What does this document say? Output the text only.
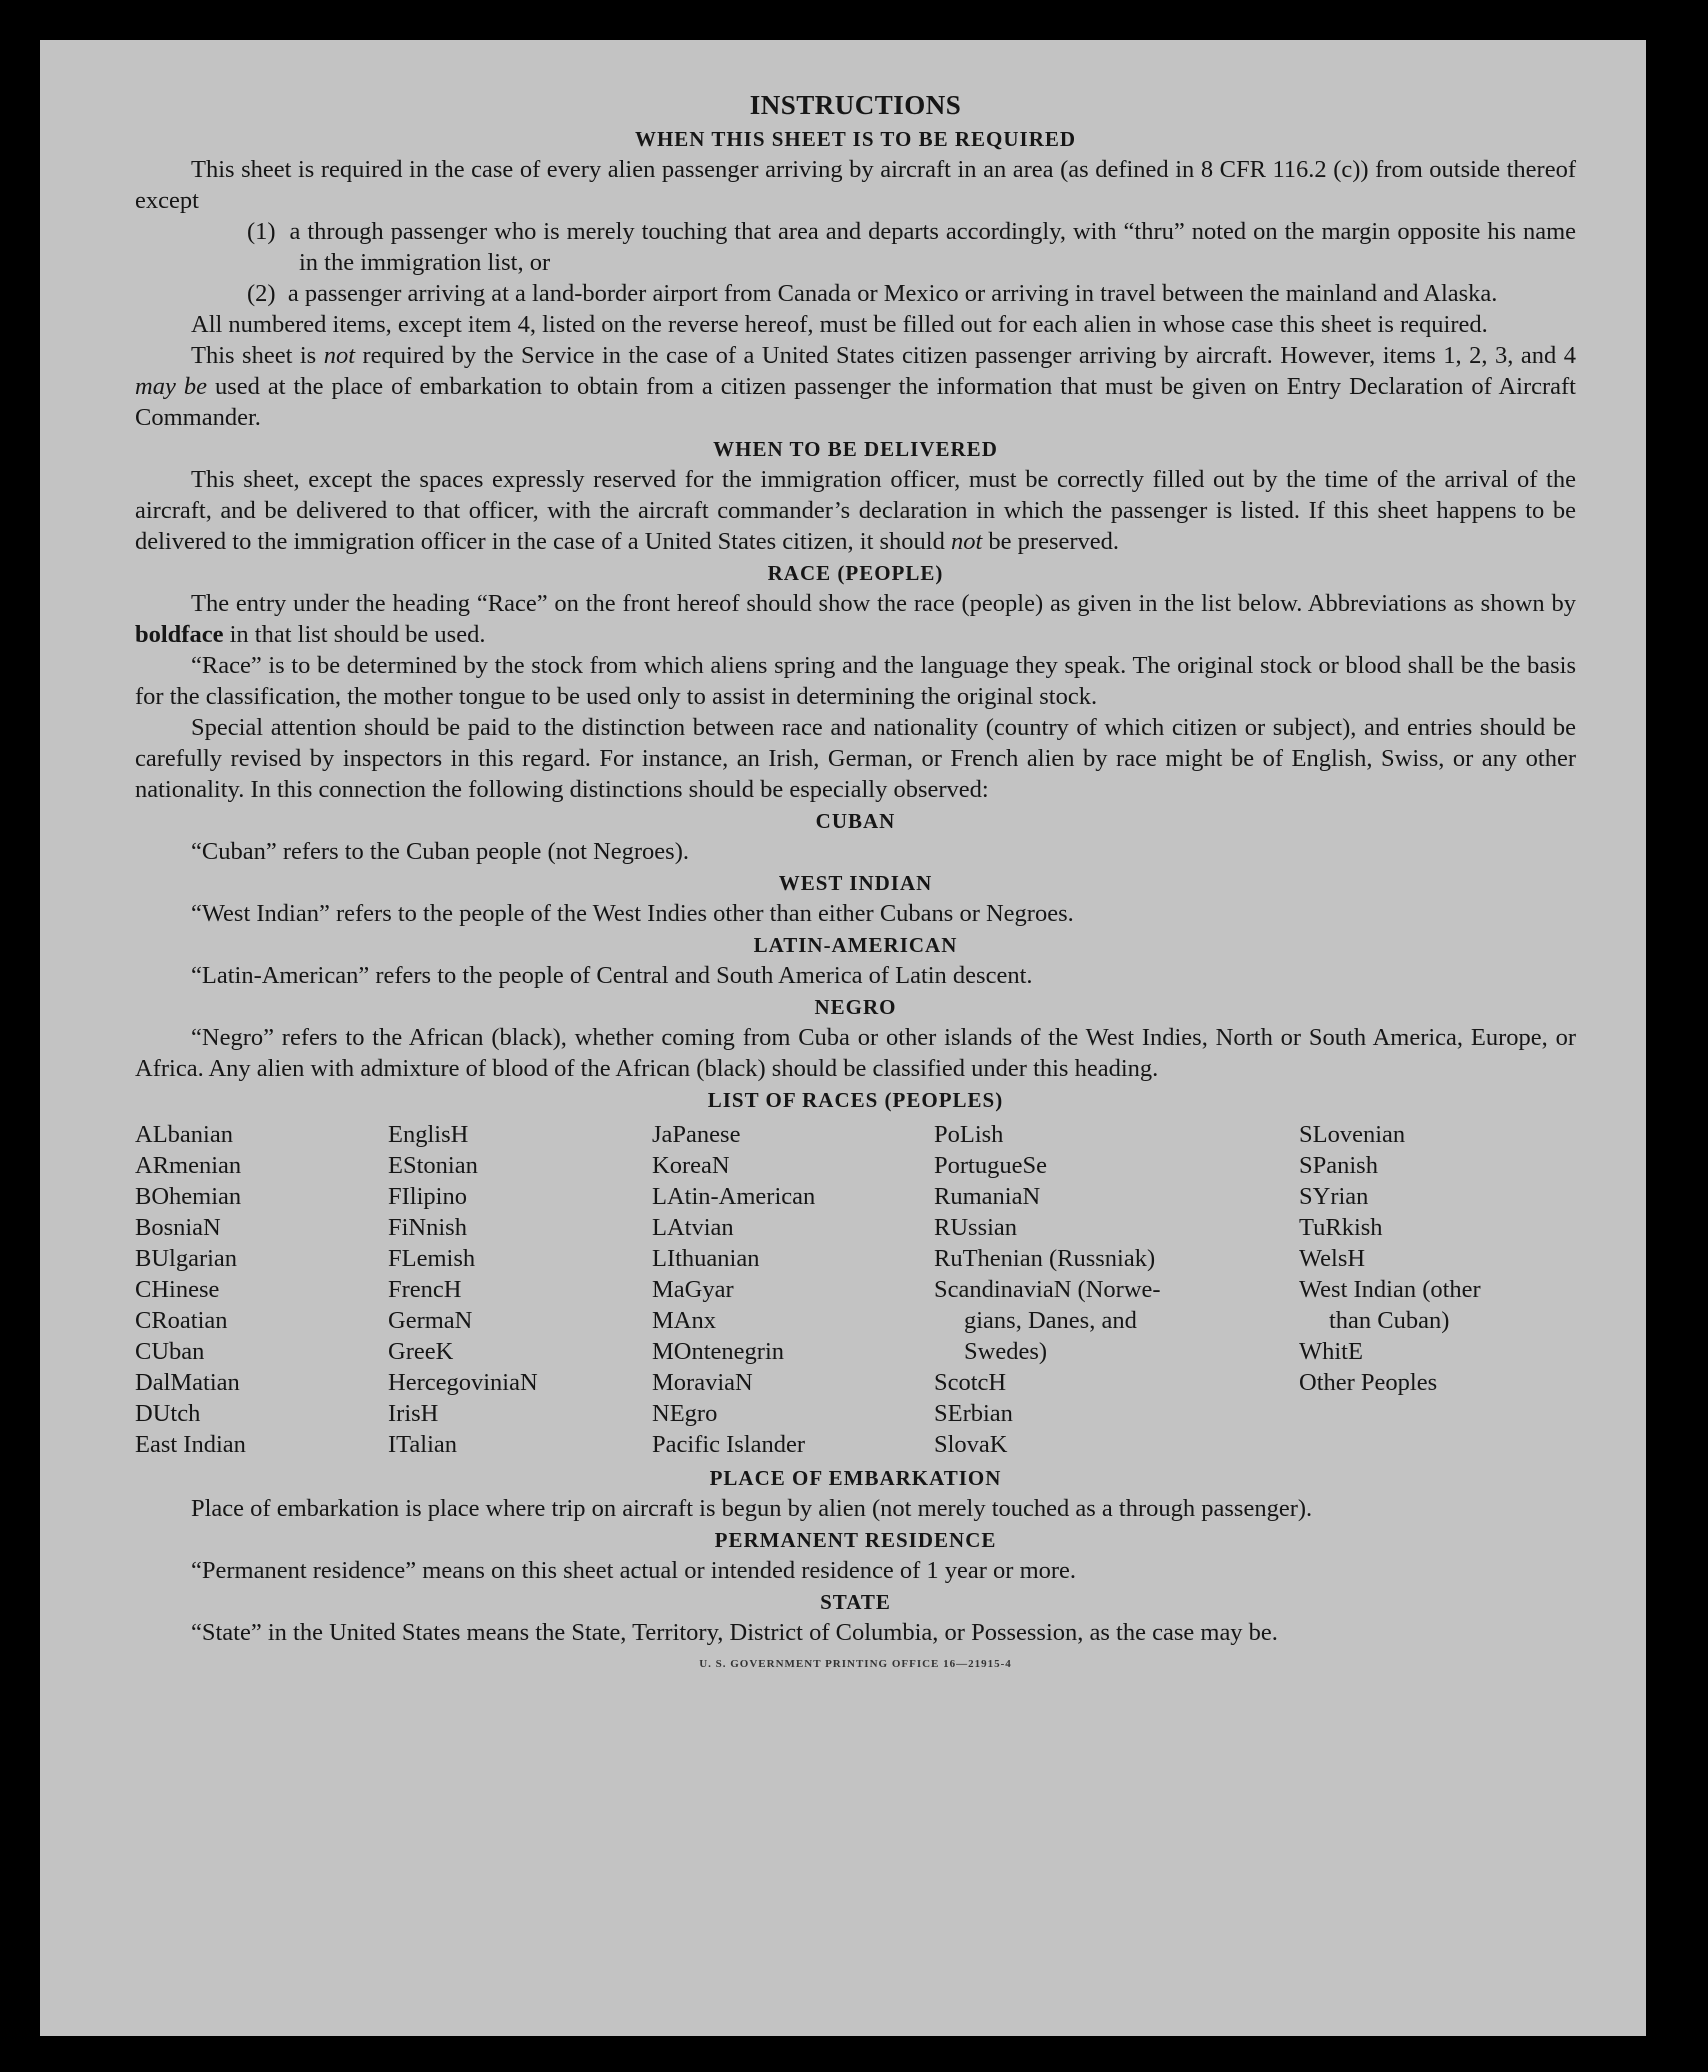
INSTRUCTIONS
WHEN THIS SHEET IS TO BE REQUIRED

This sheet is required in the case of every alien passenger arriving by aircraft in an area (as defined in 8 CFR 116.2 (c)) from outside thereof except

(1) a through passenger who is merely touching that area and departs accordingly, with “thru” noted on the margin opposite his name in the immigration list, or

(2) a passenger arriving at a land-border airport from Canada or Mexico or arriving in travel between the mainland and Alaska.

All numbered items, except item 4, listed on the reverse hereof, must be filled out for each alien in whose case this sheet is required.

This sheet is not required by the Service in the case of a United States citizen passenger arriving by aircraft. However, items 1, 2, 3, and 4 may be used at the place of embarkation to obtain from a citizen passenger the information that must be given on Entry Declaration of Aircraft Commander.

WHEN TO BE DELIVERED

This sheet, except the spaces expressly reserved for the immigration officer, must be correctly filled out by the time of the arrival of the aircraft, and be delivered to that officer, with the aircraft commander’s declaration in which the passenger is listed. If this sheet happens to be delivered to the immigration officer in the case of a United States citizen, it should not be preserved.

RACE (PEOPLE)

The entry under the heading “Race” on the front hereof should show the race (people) as given in the list below. Abbreviations as shown by boldface in that list should be used.

“Race” is to be determined by the stock from which aliens spring and the language they speak. The original stock or blood shall be the basis for the classification, the mother tongue to be used only to assist in determining the original stock.

Special attention should be paid to the distinction between race and nationality (country of which citizen or subject), and entries should be carefully revised by inspectors in this regard. For instance, an Irish, German, or French alien by race might be of English, Swiss, or any other nationality. In this connection the following distinctions should be especially observed:

CUBAN

“Cuban” refers to the Cuban people (not Negroes).

WEST INDIAN

“West Indian” refers to the people of the West Indies other than either Cubans or Negroes.

LATIN-AMERICAN

“Latin-American” refers to the people of Central and South America of Latin descent.

NEGRO

“Negro” refers to the African (black), whether coming from Cuba or other islands of the West Indies, North or South America, Europe, or Africa. Any alien with admixture of blood of the African (black) should be classified under this heading.

LIST OF RACES (PEOPLES)
ALbanian
ARmenian
BOhemian
BosniaN
BUlgarian
CHinese
CRoatian
CUban
DalMatian
DUtch
East Indian
EnglisH
EStonian
FIlipino
FiNnish
FLemish
FrencH
GermaN
GreeK
HercegoviniaN
IrisH
ITalian
JaPanese
KoreaN
LAtin-American
LAtvian
LIthuanian
MaGyar
MAnx
MOntenegrin
MoraviaN
NEgro
Pacific Islander
PoLish
PortugueSe
RumaniaN
RUssian
RuThenian (Russniak)
ScandinaviaN (Norwe-
gians, Danes, and
Swedes)
ScotcH
SErbian
SlovaK
SLovenian
SPanish
SYrian
TuRkish
WelsH
West Indian (other
than Cuban)
WhitE
Other Peoples
PLACE OF EMBARKATION

Place of embarkation is place where trip on aircraft is begun by alien (not merely touched as a through passenger).

PERMANENT RESIDENCE

“Permanent residence” means on this sheet actual or intended residence of 1 year or more.

STATE

“State” in the United States means the State, Territory, District of Columbia, or Possession, as the case may be.

U. S. GOVERNMENT PRINTING OFFICE 16—21915-4
